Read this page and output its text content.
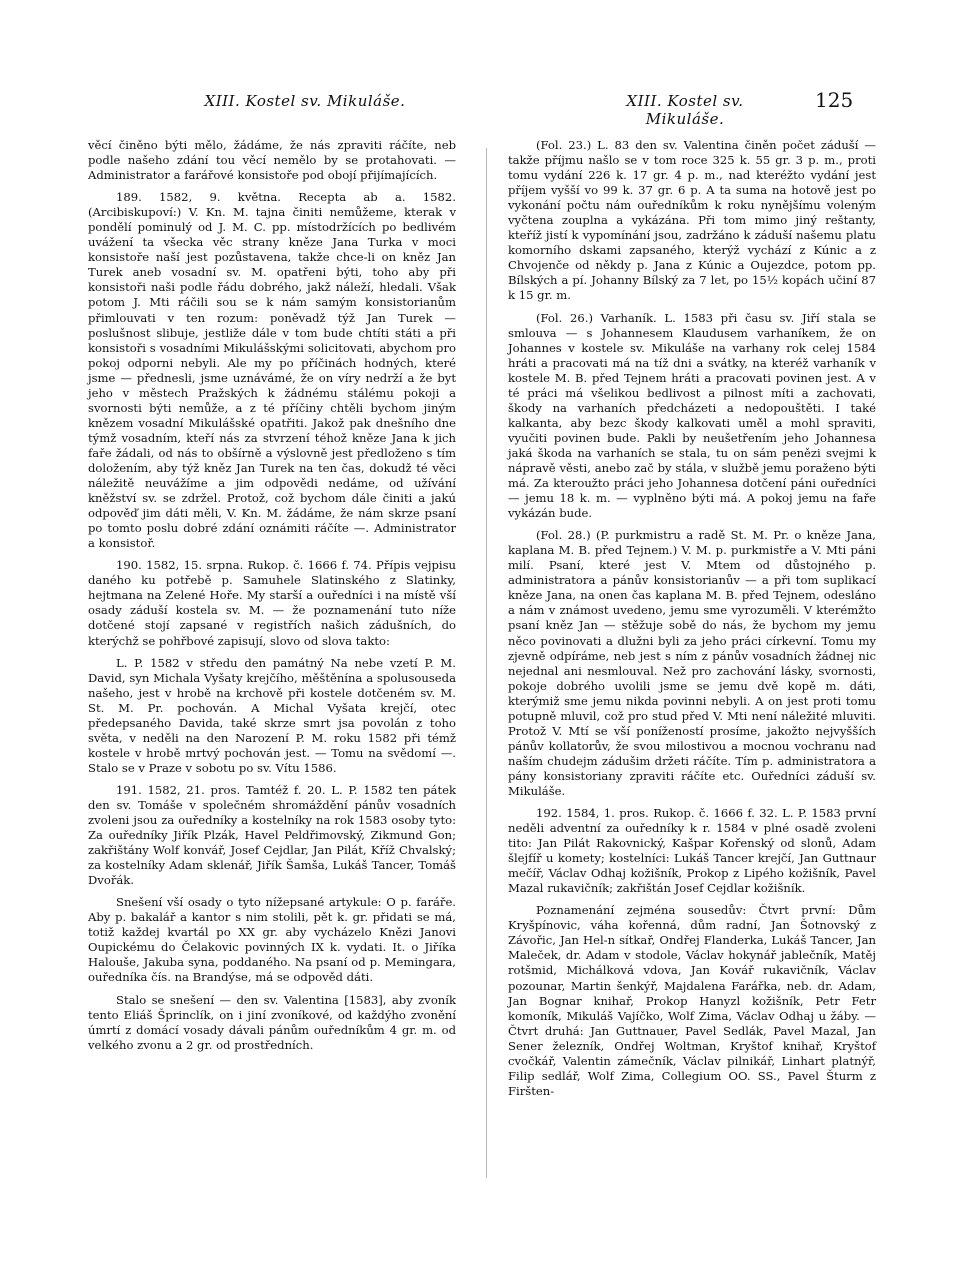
XIII. Kostel sv. Mikuláše.	XIII. Kostel sv. Mikuláše.
125

věcí činěno býti mělo, žádáme, že nás zpraviti ráčíte, neb podle našeho zdání tou věcí nemělo by se protahovati. — Administrator a farářové konsistoře pod obojí přijímajících.

189. 1582, 9. května. Recepta ab a. 1582. (Arcibiskupoví:) V. Kn. M. tajna činiti nemůžeme, kterak v pondělí pominulý od J. M. C. pp. místodržících po bedlivém uvážení ta všecka věc strany kněze Jana Turka v moci konsistoře naší jest pozůstavena, takže chce-li on kněz Jan Turek aneb vosadní sv. M. opatřeni býti, toho aby při konsistoři naši podle řádu dobrého, jakž náleží, hledali. Však potom J. Mti ráčili sou se k nám samým konsistorianům přimlouvati v ten rozum: poněvadž týž Jan Turek — poslušnost slibuje, jestliže dále v tom bude chtíti státi a při konsistoři s vosadními Mikulášskými solicitovati, abychom pro pokoj odporni nebyli. Ale my po příčinách hodných, které jsme — přednesli, jsme uznávámé, že on víry nedrží a že byt jeho v městech Pražských k žádnému stálému pokoji a svornosti býti nemůže, a z té příčiny chtěli bychom jiným knězem vosadní Mikulášské opatřiti. Jakož pak dnešního dne týmž vosadním, kteří nás za stvrzení téhož kněze Jana k jich faře žádali, od nás to obšírně a výslovně jest předloženo s tím doložením, aby týž kněz Jan Turek na ten čas, dokudž té věci náležitě neuvážíme a jim odpovědi nedáme, od užívání kněžství sv. se zdržel. Protož, což bychom dále činiti a jakú odpověď jim dáti měli, V. Kn. M. žádáme, že nám skrze psaní po tomto poslu dobré zdání oznámiti ráčíte —. Administrator a konsistoř.

190. 1582, 15. srpna. Rukop. č. 1666 f. 74. Přípis vejpisu daného ku potřebě p. Samuhele Slatinského z Slatinky, hejtmana na Zelené Hoře. My starší a ouředníci i na místě vší osady záduší kostela sv. M. — že poznamenání tuto níže dotčené stojí zapsané v registřích našich zádušních, do kterýchž se pohřbové zapisují, slovo od slova takto:

L. P. 1582 v středu den památný Na nebe vzetí P. M. David, syn Michala Vyšaty krejčího, měštěnína a spolusouseda našeho, jest v hrobě na krchově při kostele dotčeném sv. M. St. M. Pr. pochován. A Michal Vyšata krejčí, otec předepsaného Davida, také skrze smrt jsa povolán z toho světa, v neděli na den Narození P. M. roku 1582 při témž kostele v hrobě mrtvý pochován jest. — Tomu na svědomí —. Stalo se v Praze v sobotu po sv. Vítu 1586.

191. 1582, 21. pros. Tamtéž f. 20. L. P. 1582 ten pátek den sv. Tomáše v společném shromáždění pánův vosadních zvoleni jsou za ouředníky a kostelníky na rok 1583 osoby tyto: Za ouředníky Jiřík Plzák, Havel Peldřimovský, Zikmund Gon; zakřištány Wolf konvář, Josef Cejdlar, Jan Pilát, Kříž Chvalský; za kostelníky Adam sklenář, Jiřík Šamša, Lukáš Tancer, Tomáš Dvořák.

Snešení vší osady o tyto nížepsané artykule: O p. faráře. Aby p. bakalář a kantor s nim stolili, pět k. gr. přidati se má, totiž každej kvartál po XX gr. aby vycházelo Knězi Janovi Oupickému do Čelakovic povinných IX k. vydati. It. o Jiříka Halouše, Jakuba syna, poddaného. Na psaní od p. Memingara, ouředníka čís. na Brandýse, má se odpověd dáti.

Stalo se snešení — den sv. Valentina [1583], aby zvoník tento Eliáš Šprinclík, on i jiní zvoníkové, od každýho zvonění úmrtí z domácí vosady dávali pánům ouředníkům 4 gr. m. od velkého zvonu a 2 gr. od prostředních.

(Fol. 23.) L. 83 den sv. Valentina činěn počet záduší — takže příjmu našlo se v tom roce 325 k. 55 gr. 3 p. m., proti tomu vydání 226 k. 17 gr. 4 p. m., nad kteréžto vydání jest příjem vyšší vo 99 k. 37 gr. 6 p. A ta suma na hotově jest po vykonání počtu nám ouředníkům k roku nynějšímu voleným vyčtena zouplna a vykázána. Při tom mimo jiný reštanty, kteříž jistí k vypomínání jsou, zadržáno k záduší našemu platu komorního dskami zapsaného, kterýž vychází z Kúnic a z Chvojenče od někdy p. Jana z Kúnic a Oujezdce, potom pp. Bílských a pí. Johanny Bílský za 7 let, po 15½ kopách učiní 87 k 15 gr. m.

(Fol. 26.) Varhaník. L. 1583 při času sv. Jiří stala se smlouva — s Johannesem Klaudusem varhaníkem, že on Johannes v kostele sv. Mikuláše na varhany rok celej 1584 hráti a pracovati má na tíž dni a svátky, na kteréž varhaník v kostele M. B. před Tejnem hráti a pracovati povinen jest. A v té práci má všelikou bedlivost a pilnost míti a zachovati, škody na varhaních předcházeti a nedopouštěti. I také kalkanta, aby bezc škody kalkovati uměl a mohl spraviti, vyučiti povinen bude. Pakli by neušetřením jeho Johannesa jaká škoda na varhaních se stala, tu on sám penězi svejmi k nápravě věsti, anebo zač by stála, v službě jemu poraženo býti má. Za kteroužto práci jeho Johannesa dotčení páni ouředníci — jemu 18 k. m. — vyplněno býti má. A pokoj jemu na faře vykázán bude.

(Fol. 28.) (P. purkmistru a radě St. M. Pr. o kněze Jana, kaplana M. B. před Tejnem.) V. M. p. purkmistře a V. Mti páni milí. Psaní, které jest V. Mtem od důstojného p. administratora a pánův konsistorianův — a při tom suplikací kněze Jana, na onen čas kaplana M. B. před Tejnem, odesláno a nám v známost uvedeno, jemu sme vyrozuměli. V kterémžto psaní kněz Jan — stěžuje sobě do nás, že bychom my jemu něco povinovati a dlužni byli za jeho práci církevní. Tomu my zjevně odpíráme, neb jest s ním z pánův vosadních žádnej nic nejednal ani nesmlouval. Než pro zachování lásky, svornosti, pokoje dobrého uvolili jsme se jemu dvě kopě m. dáti, kterýmiž sme jemu nikda povinni nebyli. A on jest proti tomu potupně mluvil, což pro stud před V. Mti není náležité mluviti. Protož V. Mtí se vší ponížeností prosíme, jakožto nejvyšších pánův kollatorův, že svou milostivou a mocnou vochranu nad naším chudejm zádušim držeti ráčíte. Tím p. administratora a pány konsistoriany zpraviti ráčíte etc. Ouředníci záduší sv. Mikuláše.

192. 1584, 1. pros. Rukop. č. 1666 f. 32. L. P. 1583 první neděli adventní za ouředníky k r. 1584 v plné osadě zvoleni tito: Jan Pilát Rakovnický, Kašpar Kořenský od slonů, Adam šlejfíř u komety; kostelníci: Lukáš Tancer krejčí, Jan Guttnaur mečíř, Václav Odhaj kožišník, Prokop z Lipého kožišník, Pavel Mazal rukavičník; zakřištán Josef Cejdlar kožišník.

Poznamenání zejména sousedův: Čtvrt první: Dům Kryšpínovic, váha kořenná, dům radní, Jan Šotnovský z Závořic, Jan Hel-n sítkař, Ondřej Flanderka, Lukáš Tancer, Jan Maleček, dr. Adam v stodole, Václav hokynář jablečník, Matěj rotšmid, Michálková vdova, Jan Kovář rukavičník, Václav pozounar, Martin šenkýř, Majdalena Farářka, neb. dr. Adam, Jan Bognar knihař, Prokop Hanyzl kožišník, Petr Fetr komoník, Mikuláš Vajíčko, Wolf Zima, Václav Odhaj u žáby. — Čtvrt druhá: Jan Guttnauer, Pavel Sedlák, Pavel Mazal, Jan Sener železník, Ondřej Woltman, Kryštof knihař, Kryštof cvočkář, Valentin zámečník, Václav pilnikář, Linhart platnýř, Filip sedlář, Wolf Zima, Collegium OO. SS., Pavel Šturm z Firšten-
